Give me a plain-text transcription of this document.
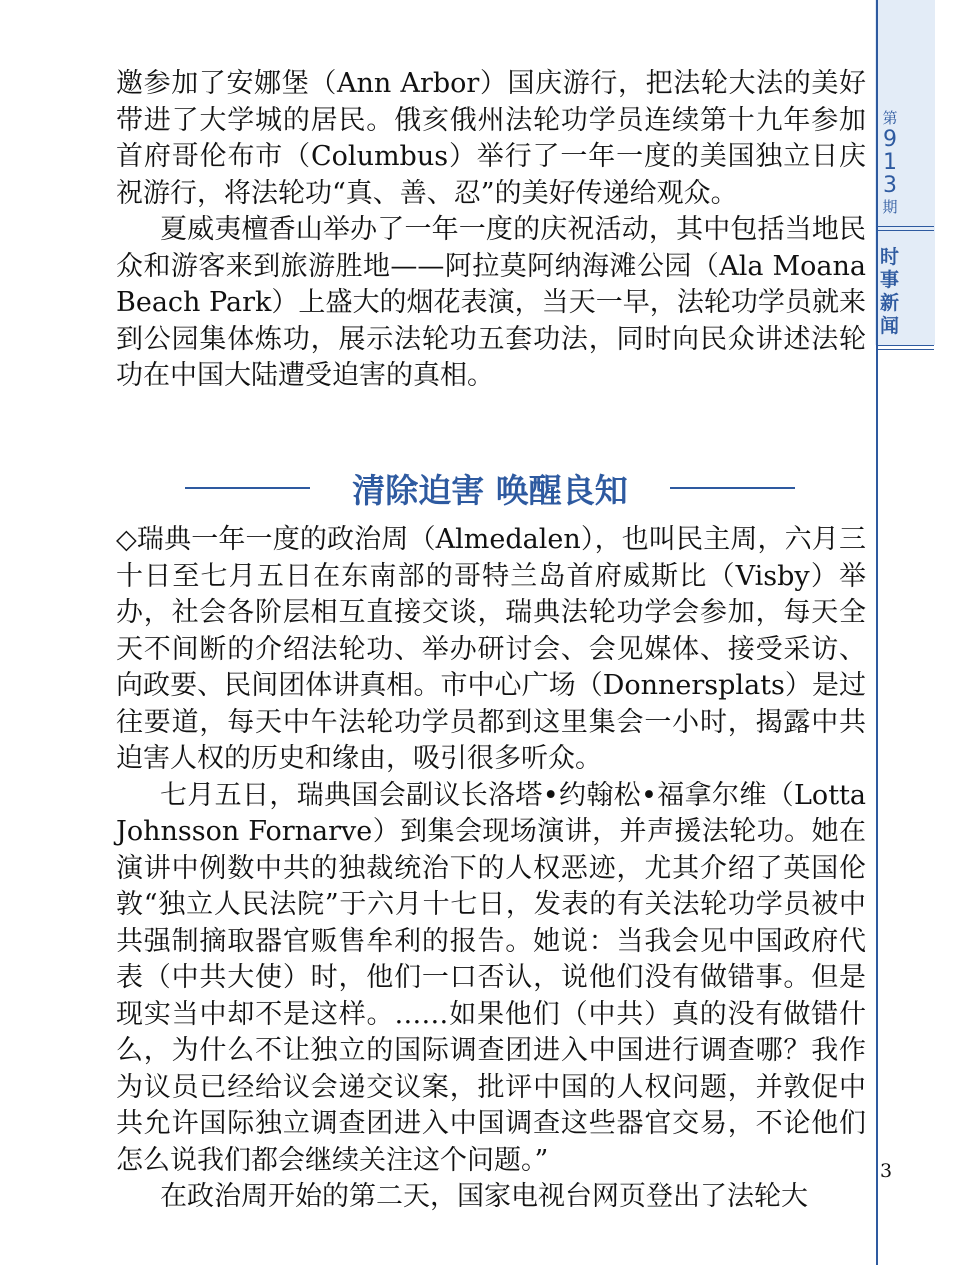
第
9
1
3
期
时事新闻
3

邀参加了安娜堡（Ann Arbor）国庆游行，把法轮大法的美好带进了大学城的居民。俄亥俄州法轮功学员连续第十九年参加首府哥伦布市（Columbus）举行了一年一度的美国独立日庆祝游行，将法轮功“真、善、忍”的美好传递给观众。

夏威夷檀香山举办了一年一度的庆祝活动，其中包括当地民众和游客来到旅游胜地——阿拉莫阿纳海滩公园（Ala Moana Beach Park）上盛大的烟花表演，当天一早，法轮功学员就来到公园集体炼功，展示法轮功五套功法，同时向民众讲述法轮功在中国大陆遭受迫害的真相。

清除迫害 唤醒良知

◇瑞典一年一度的政治周（Almedalen），也叫民主周，六月三十日至七月五日在东南部的哥特兰岛首府威斯比（Visby）举办，社会各阶层相互直接交谈，瑞典法轮功学会参加，每天全天不间断的介绍法轮功、举办研讨会、会见媒体、接受采访、向政要、民间团体讲真相。市中心广场（Donnersplats）是过往要道，每天中午法轮功学员都到这里集会一小时，揭露中共迫害人权的历史和缘由，吸引很多听众。

七月五日，瑞典国会副议长洛塔•约翰松•福拿尔维（Lotta Johnsson Fornarve）到集会现场演讲，并声援法轮功。她在演讲中例数中共的独裁统治下的人权恶迹，尤其介绍了英国伦敦“独立人民法院”于六月十七日，发表的有关法轮功学员被中共强制摘取器官贩售牟利的报告。她说：当我会见中国政府代表（中共大使）时，他们一口否认，说他们没有做错事。但是现实当中却不是这样。……如果他们（中共）真的没有做错什么，为什么不让独立的国际调查团进入中国进行调查哪？我作为议员已经给议会递交议案，批评中国的人权问题，并敦促中共允许国际独立调查团进入中国调查这些器官交易，不论他们怎么说我们都会继续关注这个问题。”

在政治周开始的第二天，国家电视台网页登出了法轮大
